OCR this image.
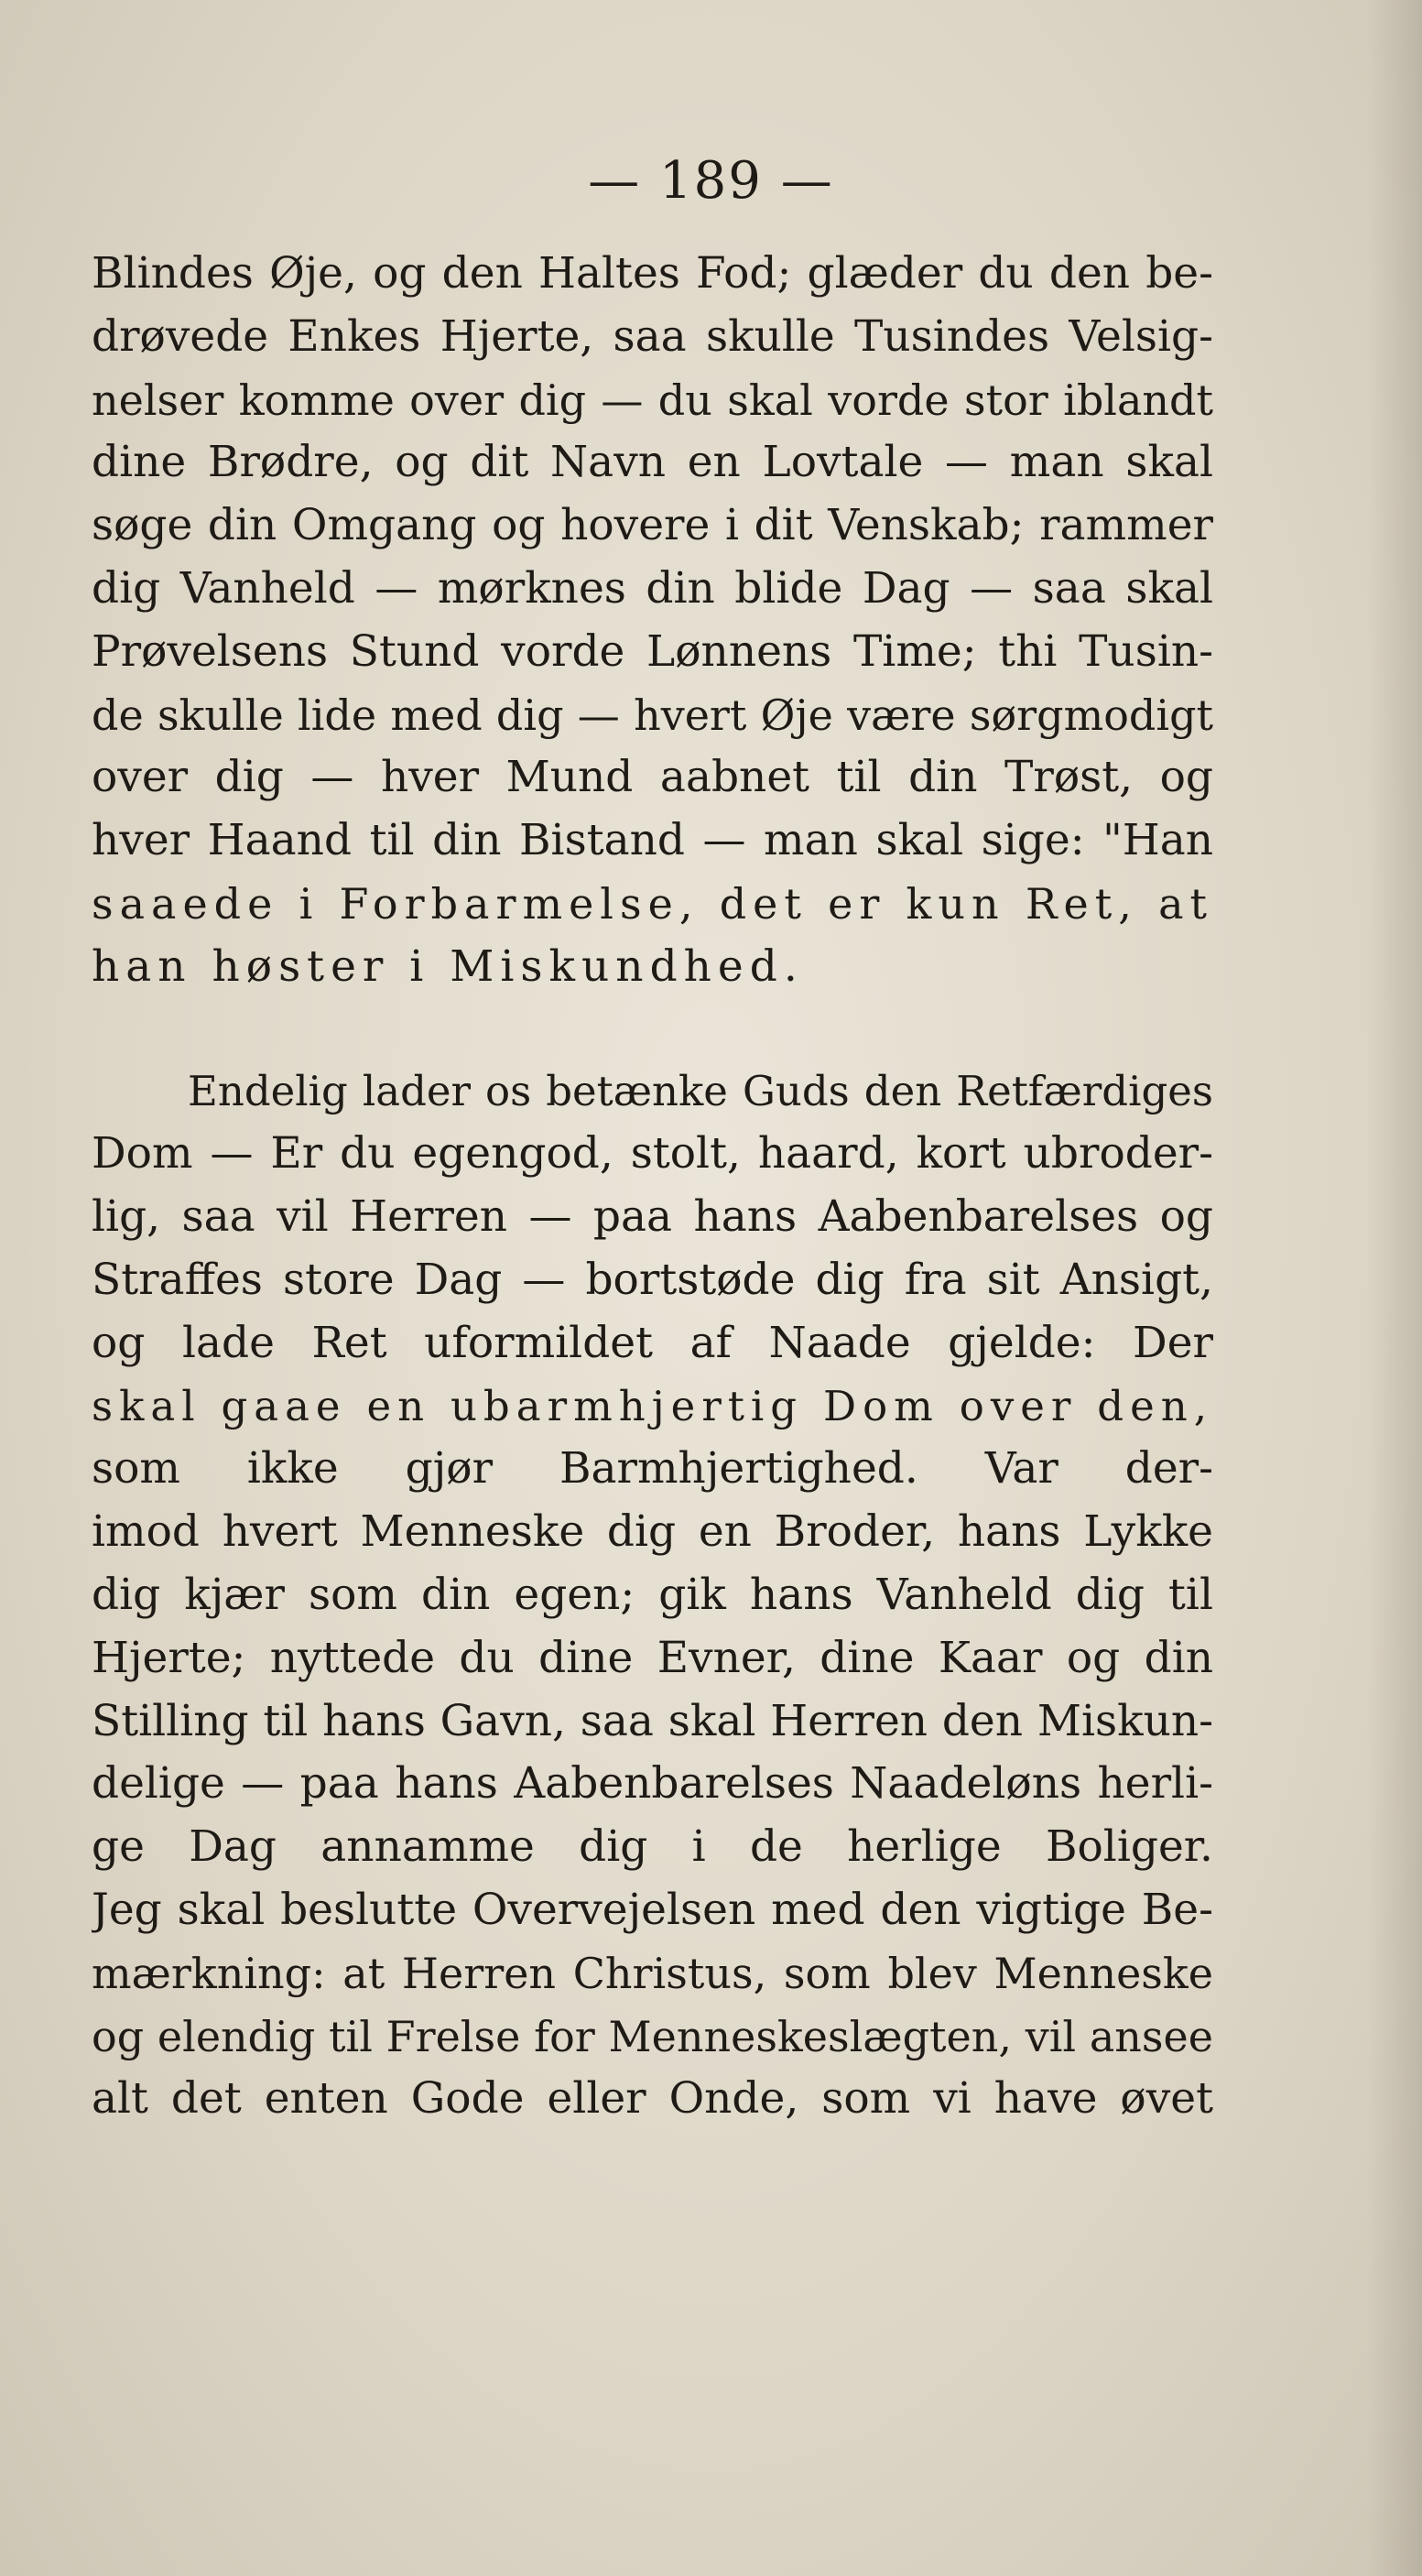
— 189 —

Blindes Øje, og den Haltes Fod; glæder du den be-
drøvede Enkes Hjerte, saa skulle Tusindes Velsig-
nelser komme over dig — du skal vorde stor iblandt
dine Brødre, og dit Navn en Lovtale — man skal
søge din Omgang og hovere i dit Venskab; rammer
dig Vanheld — mørknes din blide Dag — saa skal
Prøvelsens Stund vorde Lønnens Time; thi Tusin-
de skulle lide med dig — hvert Øje være sørgmodigt
over dig — hver Mund aabnet til din Trøst, og
hver Haand til din Bistand — man skal sige: "Han
saaede i Forbarmelse, det er kun Ret, at
han høster i Miskundhed.

Endelig lader os betænke Guds den Retfærdiges
Dom — Er du egengod, stolt, haard, kort ubroder-
lig, saa vil Herren — paa hans Aabenbarelses og
Straffes store Dag — bortstøde dig fra sit Ansigt,
og lade Ret uformildet af Naade gjelde: Der
skal gaae en ubarmhjertig Dom over den,
som ikke gjør Barmhjertighed. Var der-
imod hvert Menneske dig en Broder, hans Lykke
dig kjær som din egen; gik hans Vanheld dig til
Hjerte; nyttede du dine Evner, dine Kaar og din
Stilling til hans Gavn, saa skal Herren den Miskun-
delige — paa hans Aabenbarelses Naadeløns herli-
ge Dag annamme dig i de herlige Boliger.
Jeg skal beslutte Overvejelsen med den vigtige Be-
mærkning: at Herren Christus, som blev Menneske
og elendig til Frelse for Menneskeslægten, vil ansee
alt det enten Gode eller Onde, som vi have øvet
